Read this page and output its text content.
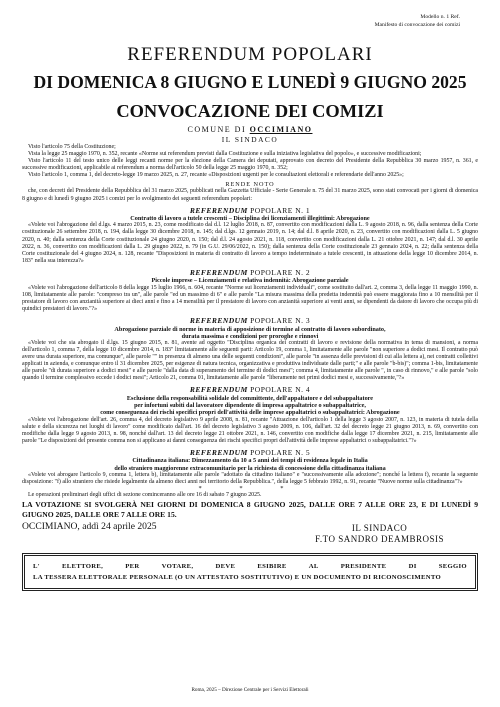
Modello n. 1 Ref.
Manifesto di convocazione dei comizi
REFERENDUM POPOLARI
DI DOMENICA 8 GIUGNO E LUNEDÌ 9 GIUGNO 2025
CONVOCAZIONE DEI COMIZI
COMUNE DI OCCIMIANO
IL SINDACO

Visto l'articolo 75 della Costituzione;

Vista la legge 25 maggio 1970, n. 352, recante «Norme sui referendum previsti dalla Costituzione e sulla iniziativa legislativa del popolo», e successive modificazioni;

Visto l'articolo 11 del testo unico delle leggi recanti norme per la elezione della Camera dei deputati, approvato con decreto del Presidente della Repubblica 30 marzo 1957, n. 361, e successive modificazioni, applicabile ai referendum a norma dell'articolo 50 della legge 25 maggio 1970, n. 352;

Visto l'articolo 1, comma 1, del decreto-legge 19 marzo 2025, n. 27, recante «Disposizioni urgenti per le consultazioni elettorali e referendarie dell'anno 2025»;

RENDE NOTO

che, con decreti del Presidente della Repubblica del 31 marzo 2025, pubblicati nella Gazzetta Ufficiale - Serie Generale n. 75 del 31 marzo 2025, sono stati convocati per i giorni di domenica 8 giugno e di lunedì 9 giugno 2025 i comizi per lo svolgimento dei seguenti referendum popolari:

REFERENDUM POPOLARE N. 1
Contratto di lavoro a tutele crescenti – Disciplina dei licenziamenti illegittimi: Abrogazione

«Volete voi l'abrogazione del d.lgs. 4 marzo 2015, n. 23, come modificato dal d.l. 12 luglio 2018, n. 87, convertito con modificazioni dalla L. 9 agosto 2018, n. 96, dalla sentenza della Corte costituzionale 26 settembre 2018, n. 194, dalla legge 30 dicembre 2018, n. 145; dal d.lgs. 12 gennaio 2019, n. 14; dal d.l. 8 aprile 2020, n. 23, convertito con modificazioni dalla L. 5 giugno 2020, n. 40; dalla sentenza della Corte costituzionale 24 giugno 2020, n. 150; dal d.l. 24 agosto 2021, n. 118, convertito con modificazioni dalla L. 21 ottobre 2021, n. 147; dal d.l. 30 aprile 2022, n. 36, convertito con modificazioni dalla L. 29 giugno 2022, n. 79 (in G.U. 29/06/2022, n. 150); dalla sentenza della Corte costituzionale 23 gennaio 2024, n. 22; dalla sentenza della Corte costituzionale del 4 giugno 2024, n. 128, recante "Disposizioni in materia di contratto di lavoro a tempo indeterminato a tutele crescenti, in attuazione della legge 10 dicembre 2014, n. 183" nella sua interezza?»

REFERENDUM POPOLARE N. 2
Piccole imprese – Licenziamenti e relativa indennità: Abrogazione parziale

«Volete voi l'abrogazione dell'articolo 8 della legge 15 luglio 1966, n. 604, recante "Norme sui licenziamenti individuali", come sostituito dall'art. 2, comma 3, della legge 11 maggio 1990, n. 108, limitatamente alle parole: "compreso tra un", alle parole "ed un massimo di 6" e alle parole "La misura massima della predetta indennità può essere maggiorata fino a 10 mensilità per il prestatore di lavoro con anzianità superiore ai dieci anni e fino a 14 mensilità per il prestatore di lavoro con anzianità superiore ai venti anni, se dipendenti da datore di lavoro che occupa più di quindici prestatori di lavoro."?»

REFERENDUM POPOLARE N. 3
Abrogazione parziale di norme in materia di apposizione di termine al contratto di lavoro subordinato,
durata massima e condizioni per proroghe e rinnovi

«Volete voi che sia abrogato il d.lgs. 15 giugno 2015, n. 81, avente ad oggetto "Disciplina organica dei contratti di lavoro e revisione della normativa in tema di mansioni, a norma dell'articolo 1, comma 7, della legge 10 dicembre 2014, n. 183" limitatamente alle seguenti parti: Articolo 19, comma 1, limitatamente alle parole "non superiore a dodici mesi. Il contratto può avere una durata superiore, ma comunque", alle parole "" in presenza di almeno una delle seguenti condizioni", alle parole "in assenza delle previsioni di cui alla lettera a), nei contratti collettivi applicati in azienda, e comunque entro il 31 dicembre 2025, per esigenze di natura tecnica, organizzativa e produttiva individuate dalle parti;" e alle parole "b-bis)"; comma 1-bis, limitatamente alle parole "di durata superiore a dodici mesi" e alle parole "dalla data di superamento del termine di dodici mesi"; comma 4, limitatamente alle parole ", in caso di rinnovo," e alle parole "solo quando il termine complessivo eccede i dodici mesi"; Articolo 21, comma 01, limitatamente alle parole "liberamente nei primi dodici mesi e, successivamente,"?»

REFERENDUM POPOLARE N. 4
Esclusione della responsabilità solidale del committente, dell'appaltatore e del subappaltatore
per infortuni subiti dal lavoratore dipendente di impresa appaltatrice o subappaltatrice,
come conseguenza dei rischi specifici propri dell'attività delle imprese appaltatrici o subappaltatrici: Abrogazione

«Volete voi l'abrogazione dell'art. 26, comma 4, del decreto legislativo 9 aprile 2008, n. 81, recante "Attuazione dell'articolo 1 della legge 3 agosto 2007, n. 123, in materia di tutela della salute e della sicurezza nei luoghi di lavoro" come modificato dall'art. 16 del decreto legislativo 3 agosto 2009, n. 106, dall'art. 32 del decreto legge 21 giugno 2013, n. 69, convertito con modifiche dalla legge 9 agosto 2013, n. 98, nonché dall'art. 13 del decreto legge 21 ottobre 2021, n. 146, convertito con modifiche dalla legge 17 dicembre 2021, n. 215, limitatamente alle parole "Le disposizioni del presente comma non si applicano ai danni conseguenza dei rischi specifici propri dell'attività delle imprese appaltatrici o subappaltatrici."?»

REFERENDUM POPOLARE N. 5
Cittadinanza italiana: Dimezzamento da 10 a 5 anni dei tempi di residenza legale in Italia
dello straniero maggiorenne extracomunitario per la richiesta di concessione della cittadinanza italiana

«Volete voi abrogare l'articolo 9, comma 1, lettera b), limitatamente alle parole "adottato da cittadino italiano" e "successivamente alla adozione"; nonché la lettera f), recante la seguente disposizione: "f) allo straniero che risiede legalmente da almeno dieci anni nel territorio della Repubblica.", della legge 5 febbraio 1992, n. 91, recante "Nuove norme sulla cittadinanza"?»

* * *

Le operazioni preliminari degli uffici di sezione cominceranno alle ore 16 di sabato 7 giugno 2025.

LA VOTAZIONE SI SVOLGERÀ NEI GIORNI DI DOMENICA 8 GIUGNO 2025, DALLE ORE 7 ALLE ORE 23, E DI LUNEDÌ 9 GIUGNO 2025, DALLE ORE 7 ALLE ORE 15.
OCCIMIANO, addì 24 aprile 2025	IL SINDACO
F.TO SANDRO DEAMBROSIS
L'	ELETTORE,	PER	VOTARE,	DEVE	ESIBIRE	AL	PRESIDENTE	DI	SEGGIO
LA TESSERA ELETTORALE PERSONALE (O UN ATTESTATO SOSTITUTIVO) E UN DOCUMENTO DI RICONOSCIMENTO
Roma, 2025 – Direzione Centrale per i Servizi Elettorali
